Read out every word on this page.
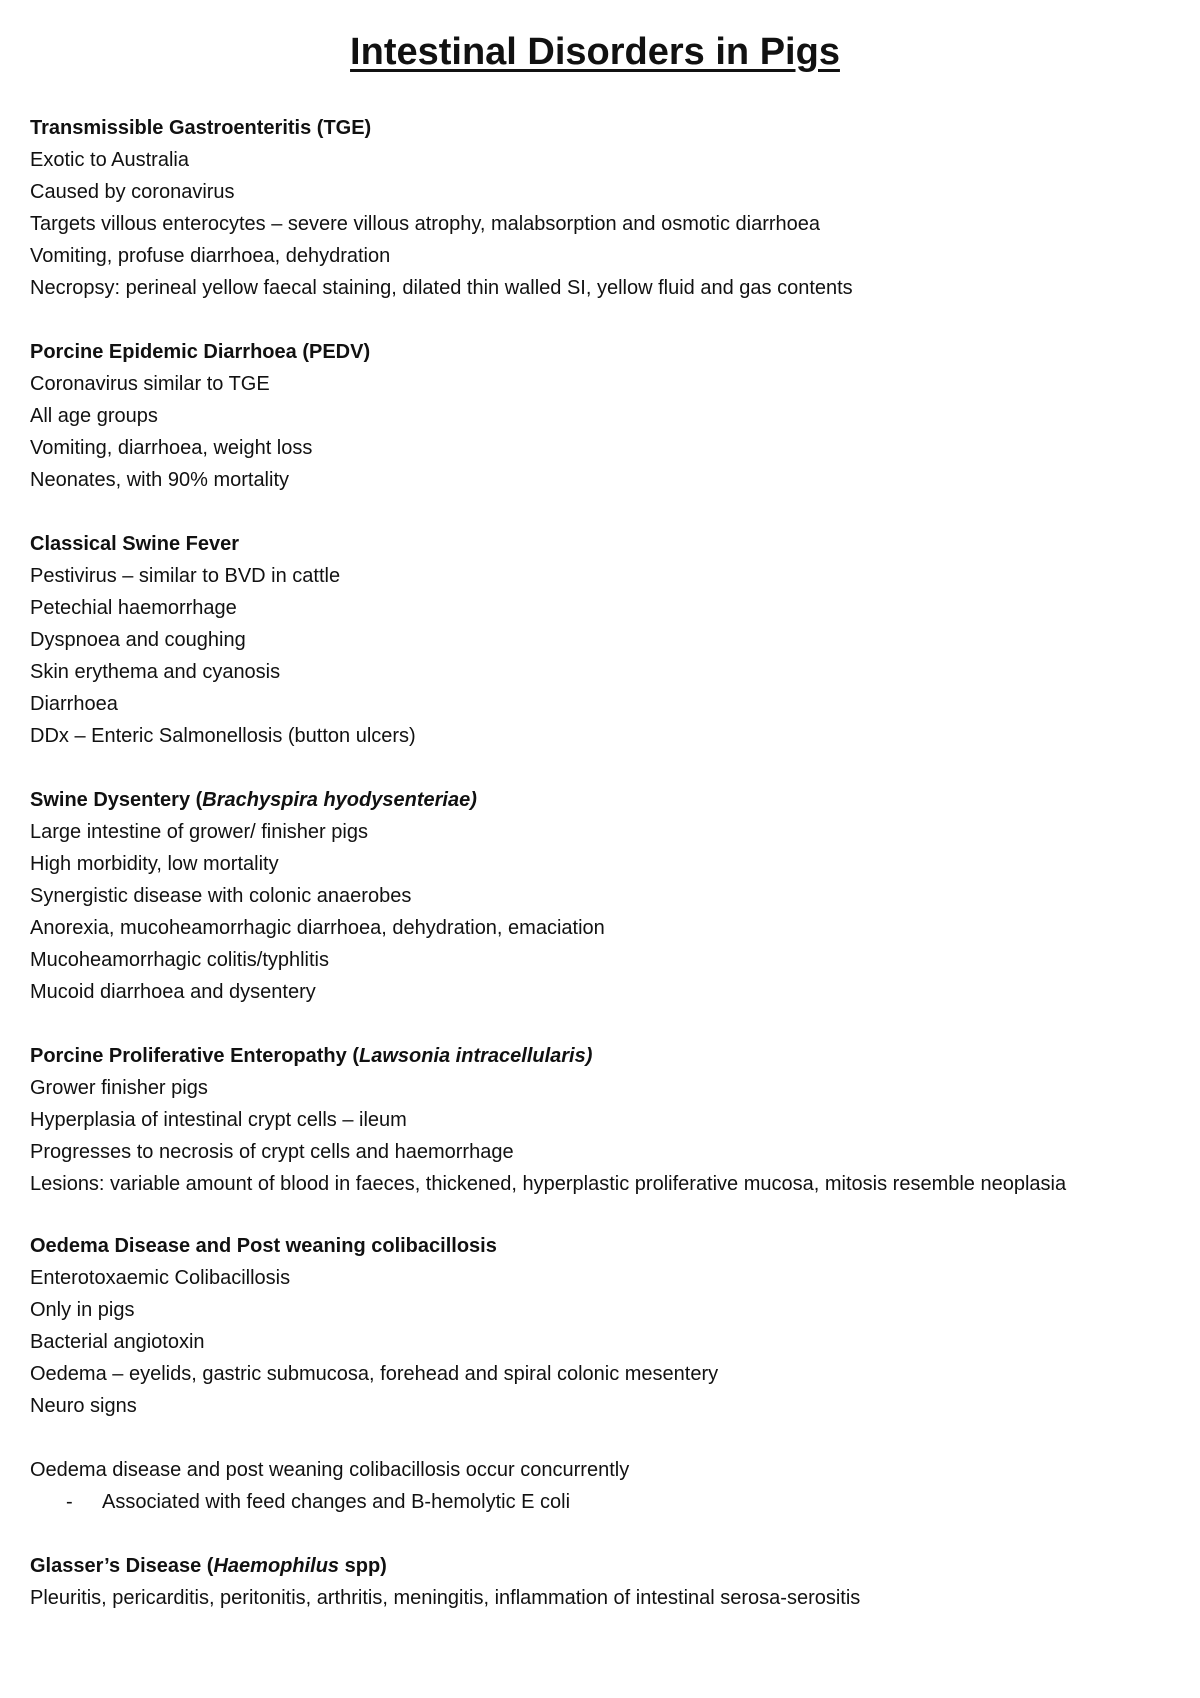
Intestinal Disorders in Pigs

Transmissible Gastroenteritis (TGE)

Exotic to Australia

Caused by coronavirus

Targets villous enterocytes – severe villous atrophy, malabsorption and osmotic diarrhoea

Vomiting, profuse diarrhoea, dehydration

Necropsy: perineal yellow faecal staining, dilated thin walled SI, yellow fluid and gas contents

Porcine Epidemic Diarrhoea (PEDV)

Coronavirus similar to TGE

All age groups

Vomiting, diarrhoea, weight loss

Neonates, with 90% mortality

Classical Swine Fever

Pestivirus – similar to BVD in cattle

Petechial haemorrhage

Dyspnoea and coughing

Skin erythema and cyanosis

Diarrhoea

DDx – Enteric Salmonellosis (button ulcers)

Swine Dysentery (Brachyspira hyodysenteriae)

Large intestine of grower/ finisher pigs

High morbidity, low mortality

Synergistic disease with colonic anaerobes

Anorexia, mucoheamorrhagic diarrhoea, dehydration, emaciation

Mucoheamorrhagic colitis/typhlitis

Mucoid diarrhoea and dysentery

Porcine Proliferative Enteropathy (Lawsonia intracellularis)

Grower finisher pigs

Hyperplasia of intestinal crypt cells – ileum

Progresses to necrosis of crypt cells and haemorrhage

Lesions: variable amount of blood in faeces, thickened, hyperplastic proliferative mucosa, mitosis resemble neoplasia

Oedema Disease and Post weaning colibacillosis

Enterotoxaemic Colibacillosis

Only in pigs

Bacterial angiotoxin

Oedema – eyelids, gastric submucosa, forehead and spiral colonic mesentery

Neuro signs

Oedema disease and post weaning colibacillosis occur concurrently

-	Associated with feed changes and B-hemolytic E coli

Glasser’s Disease (Haemophilus spp)

Pleuritis, pericarditis, peritonitis, arthritis, meningitis, inflammation of intestinal serosa-serositis
